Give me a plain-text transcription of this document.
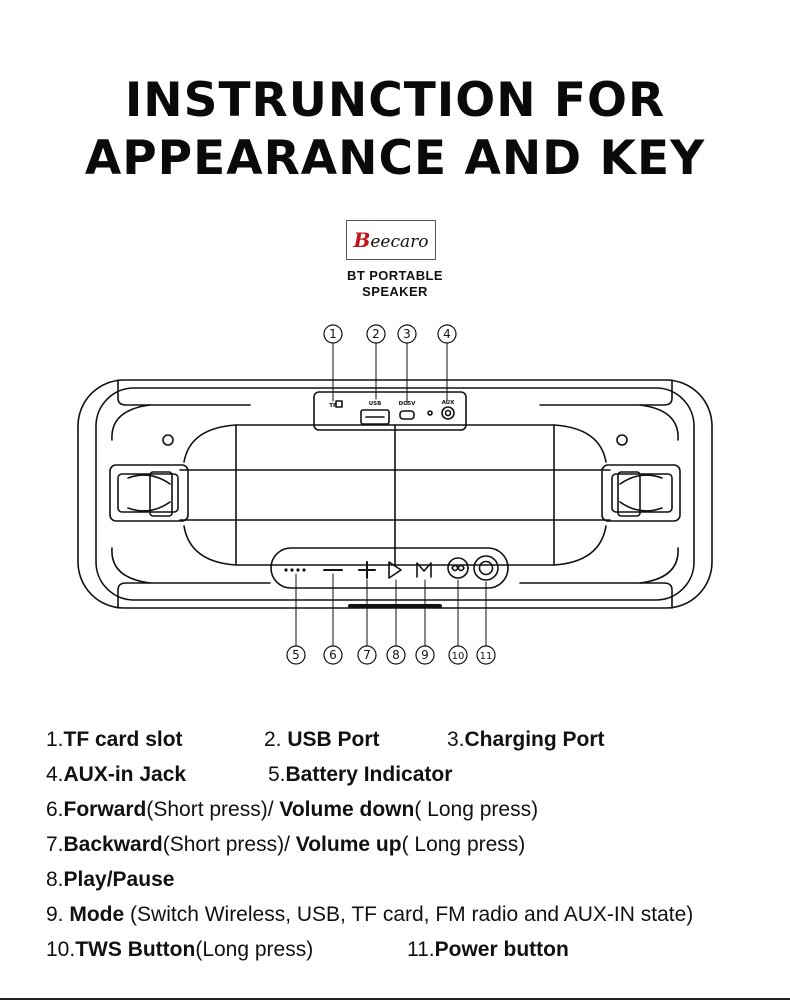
INSTRUNCTION FOR
APPEARANCE AND KEY
Beecaro
BT PORTABLE
SPEAKER
TF	USB	DC5V	AUX
1	2 3	4
5 6 7 8 9 10 11
1.TF card slot	2. USB Port	3.Charging Port
4.AUX-in Jack	5.Battery Indicator
6.Forward(Short press)/ Volume down( Long press)
7.Backward(Short press)/ Volume up( Long press)
8.Play/Pause
9. Mode (Switch Wireless, USB, TF card, FM radio and AUX-IN state)
10.TWS Button(Long press)	11.Power button
